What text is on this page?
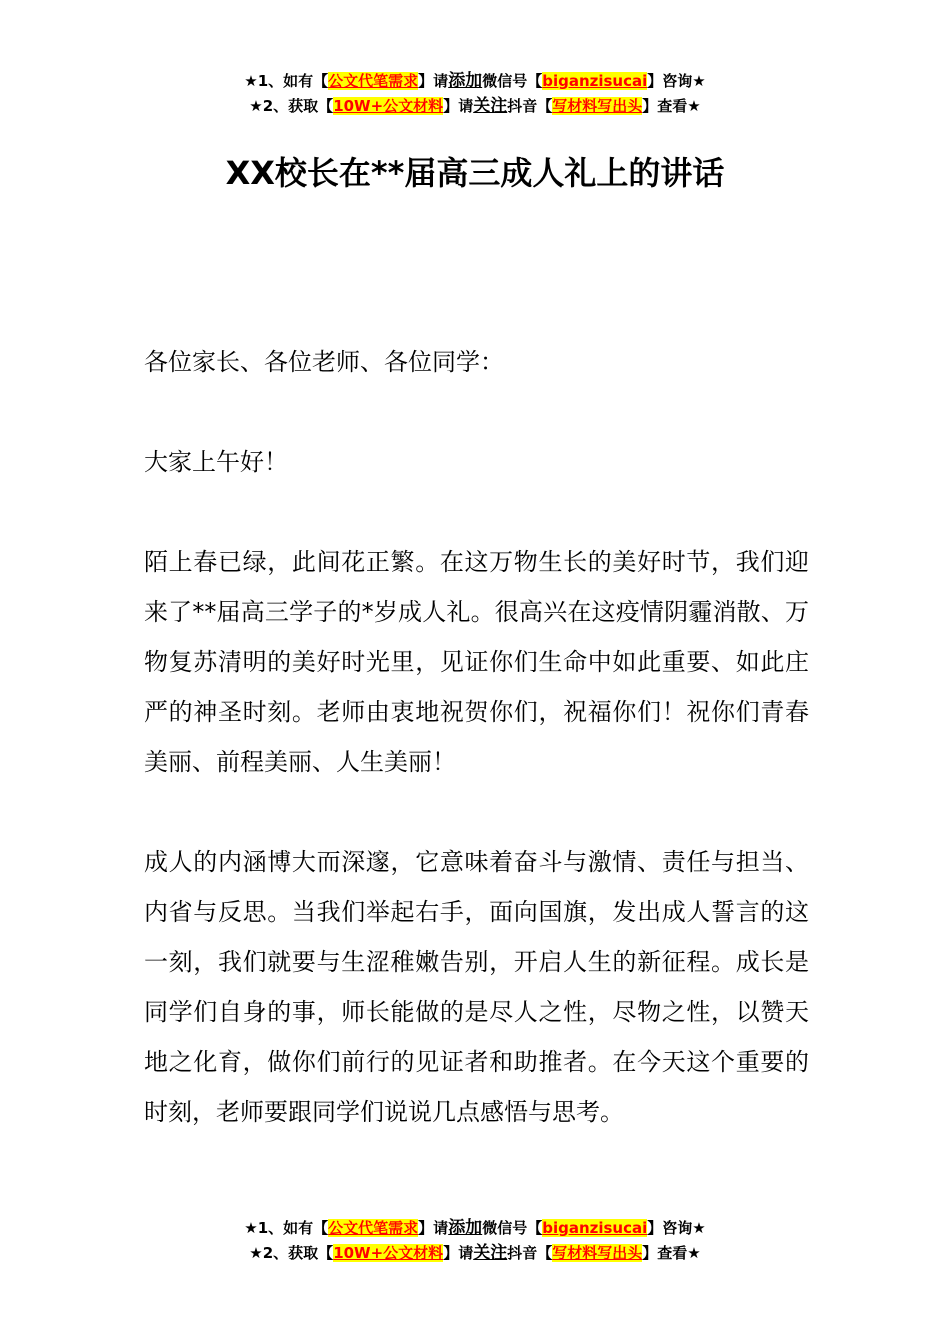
★1、如有【公文代笔需求】请添加微信号【biganzisucai】咨询★
★2、获取【10W+公文材料】请关注抖音【写材料写出头】查看★
XX校长在**届高三成人礼上的讲话

各位家长、各位老师、各位同学：

大家上午好！

陌上春已绿，此间花正繁。在这万物生长的美好时节，我们迎来了**届高三学子的*岁成人礼。很高兴在这疫情阴霾消散、万物复苏清明的美好时光里，见证你们生命中如此重要、如此庄严的神圣时刻。老师由衷地祝贺你们，祝福你们！祝你们青春美丽、前程美丽、人生美丽！

成人的内涵博大而深邃，它意味着奋斗与激情、责任与担当、内省与反思。当我们举起右手，面向国旗，发出成人誓言的这一刻，我们就要与生涩稚嫩告别，开启人生的新征程。成长是同学们自身的事，师长能做的是尽人之性，尽物之性，以赞天地之化育，做你们前行的见证者和助推者。在今天这个重要的时刻，老师要跟同学们说说几点感悟与思考。

★1、如有【公文代笔需求】请添加微信号【biganzisucai】咨询★
★2、获取【10W+公文材料】请关注抖音【写材料写出头】查看★
